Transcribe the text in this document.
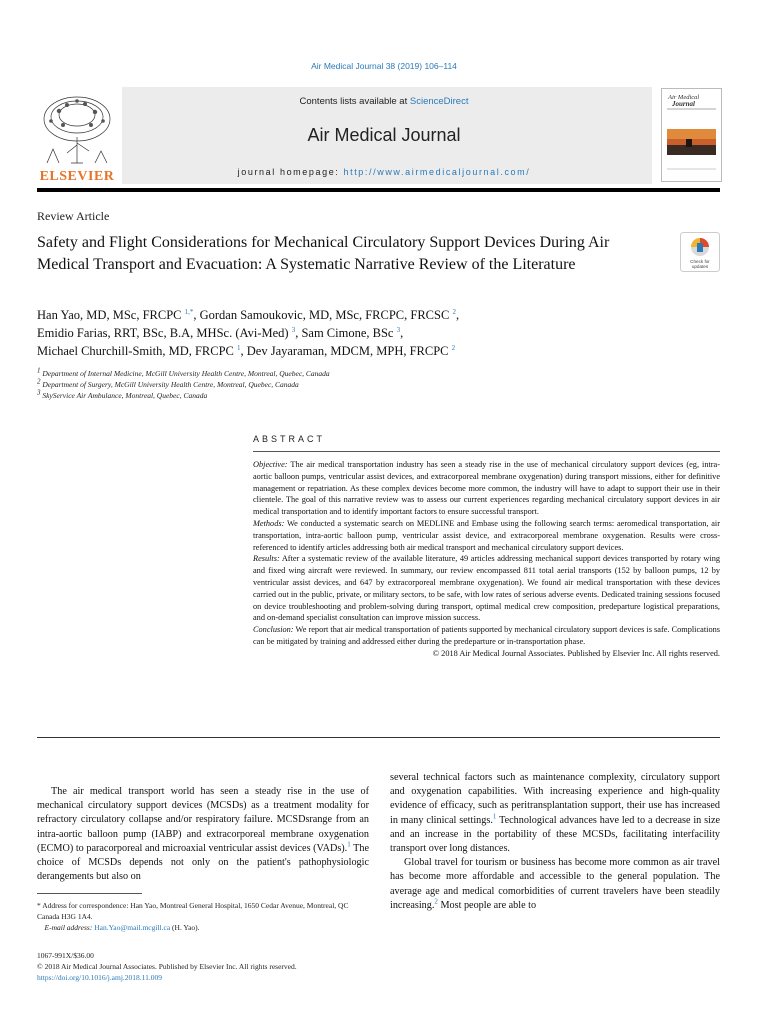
Air Medical Journal 38 (2019) 106–114
Contents lists available at ScienceDirect
Air Medical Journal
journal homepage: http://www.airmedicaljournal.com/
ELSEVIER
Air Medical
Journal
Review Article
Safety and Flight Considerations for Mechanical Circulatory Support Devices During Air Medical Transport and Evacuation: A Systematic Narrative Review of the Literature	Check for
updates
Han Yao, MD, MSc, FRCPC $^{1,*}$, Gordan Samoukovic, MD, MSc, FRCPC, FRCSC $^2$,
Emidio Farias, RRT, BSc, B.A, MHSc. (Avi-Med) $^3$, Sam Cimone, BSc $^3$,
Michael Churchill-Smith, MD, FRCPC $^1$, Dev Jayaraman, MDCM, MPH, FRCPC $^2$
1 Department of Internal Medicine, McGill University Health Centre, Montreal, Quebec, Canada
2 Department of Surgery, McGill University Health Centre, Montreal, Quebec, Canada
3 SkyService Air Ambulance, Montreal, Quebec, Canada
ABSTRACT

Objective: The air medical transportation industry has seen a steady rise in the use of mechanical circulatory support devices (eg, intra-aortic balloon pumps, ventricular assist devices, and extracorporeal membrane oxygenation) during transport missions, either for definitive management or repatriation. As these complex devices become more common, the industry will have to adapt to support their use in their clientele. The goal of this narrative review was to assess our current experiences regarding mechanical circulatory support devices in air medical transportation and to identify important factors to ensure successful transport.

Methods: We conducted a systematic search on MEDLINE and Embase using the following search terms: aeromedical transportation, air transportation, intra-aortic balloon pump, ventricular assist device, and extracorporeal membrane oxygenation. Results were cross-referenced to identify articles addressing both air medical transport and mechanical circulatory support devices.

Results: After a systematic review of the available literature, 49 articles addressing mechanical support devices transported by rotary wing and fixed wing aircraft were reviewed. In summary, our review encompassed 811 total aerial transports (152 by balloon pumps, 12 by ventricular assist devices, and 647 by extracorporeal membrane oxygenation). We found air medical transportation with these devices carried out in the public, private, or military sectors, to be safe, with low rates of serious adverse events. Dedicated training sessions focused on device troubleshooting and problem-solving during transport, optimal medical crew composition, predeparture logistical preparations, and on-demand specialist consultation can improve mission success.

Conclusion: We report that air medical transportation of patients supported by mechanical circulatory support devices is safe. Complications can be mitigated by training and addressed either during the predeparture or in-transportation phase.

© 2018 Air Medical Journal Associates. Published by Elsevier Inc. All rights reserved.

The air medical transport world has seen a steady rise in the use of mechanical circulatory support devices (MCSDs) as a treatment modality for refractory circulatory collapse and/or respiratory failure. MCSDsrange from an intra-aortic balloon pump (IABP) and extracorporeal membrane oxygenation (ECMO) to paracorporeal and microaxial ventricular assist devices (VADs).$^1$ The choice of MCSDs depends not only on the patient's pathophysiologic derangements but also on

several technical factors such as maintenance complexity, circulatory support and oxygenation capabilities. With increasing experience and high-quality evidence of efficacy, such as peritransplantation support, their use has increased in many clinical settings.$^1$ Technological advances have led to a decrease in size and an increase in the portability of these MCSDs, facilitating interfacility transport over long distances.

Global travel for tourism or business has become more common as air travel has become more affordable and accessible to the general population. The average age and medical comorbidities of current travelers have been steadily increasing.$^2$ Most people are able to

* Address for correspondence: Han Yao, Montreal General Hospital, 1650 Cedar Avenue, Montreal, QC Canada H3G 1A4.

E-mail address: Han.Yao@mail.mcgill.ca (H. Yao).

1067-991X/$36.00

© 2018 Air Medical Journal Associates. Published by Elsevier Inc. All rights reserved.

https://doi.org/10.1016/j.amj.2018.11.009
